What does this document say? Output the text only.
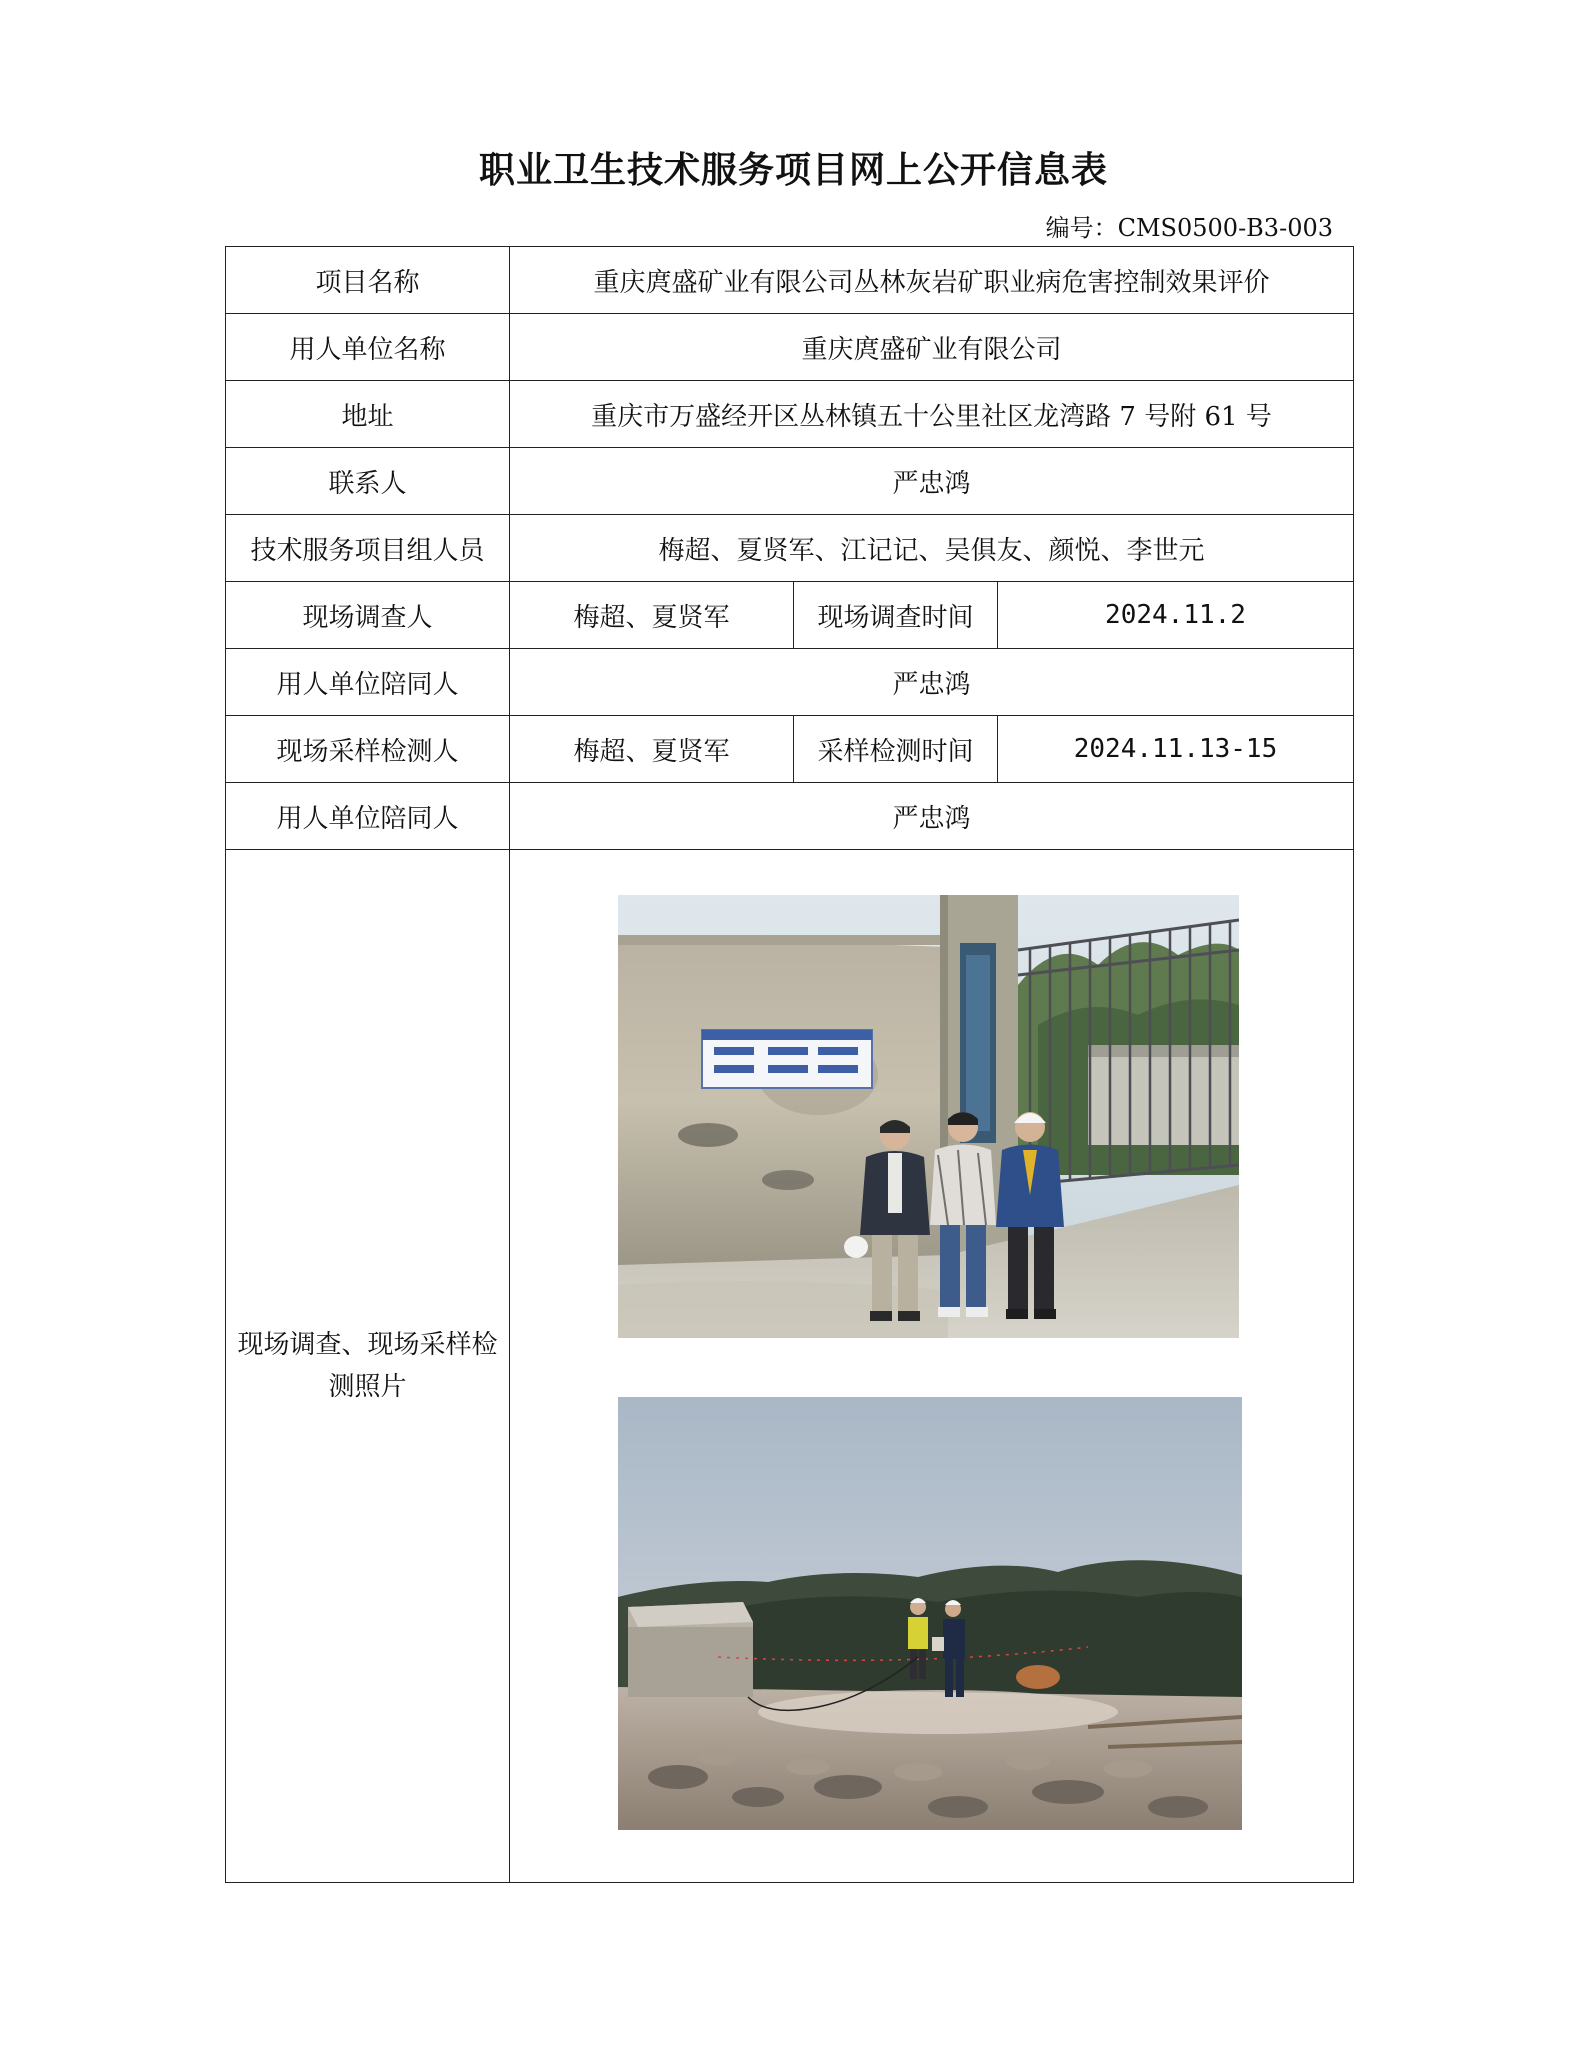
职业卫生技术服务项目网上公开信息表
编号：CMS0500-B3-003
项目名称	重庆庹盛矿业有限公司丛林灰岩矿职业病危害控制效果评价		
用人单位名称	重庆庹盛矿业有限公司		
地址	重庆市万盛经开区丛林镇五十公里社区龙湾路 7 号附 61 号		
联系人	严忠鸿		
技术服务项目组人员	梅超、夏贤军、江记记、吴俱友、颜悦、李世元		
现场调查人	梅超、夏贤军	现场调查时间	2024.11.2
用人单位陪同人	严忠鸿		
现场采样检测人	梅超、夏贤军	采样检测时间	2024.11.13-15
用人单位陪同人	严忠鸿		
现场调查、现场采样检测照片	
